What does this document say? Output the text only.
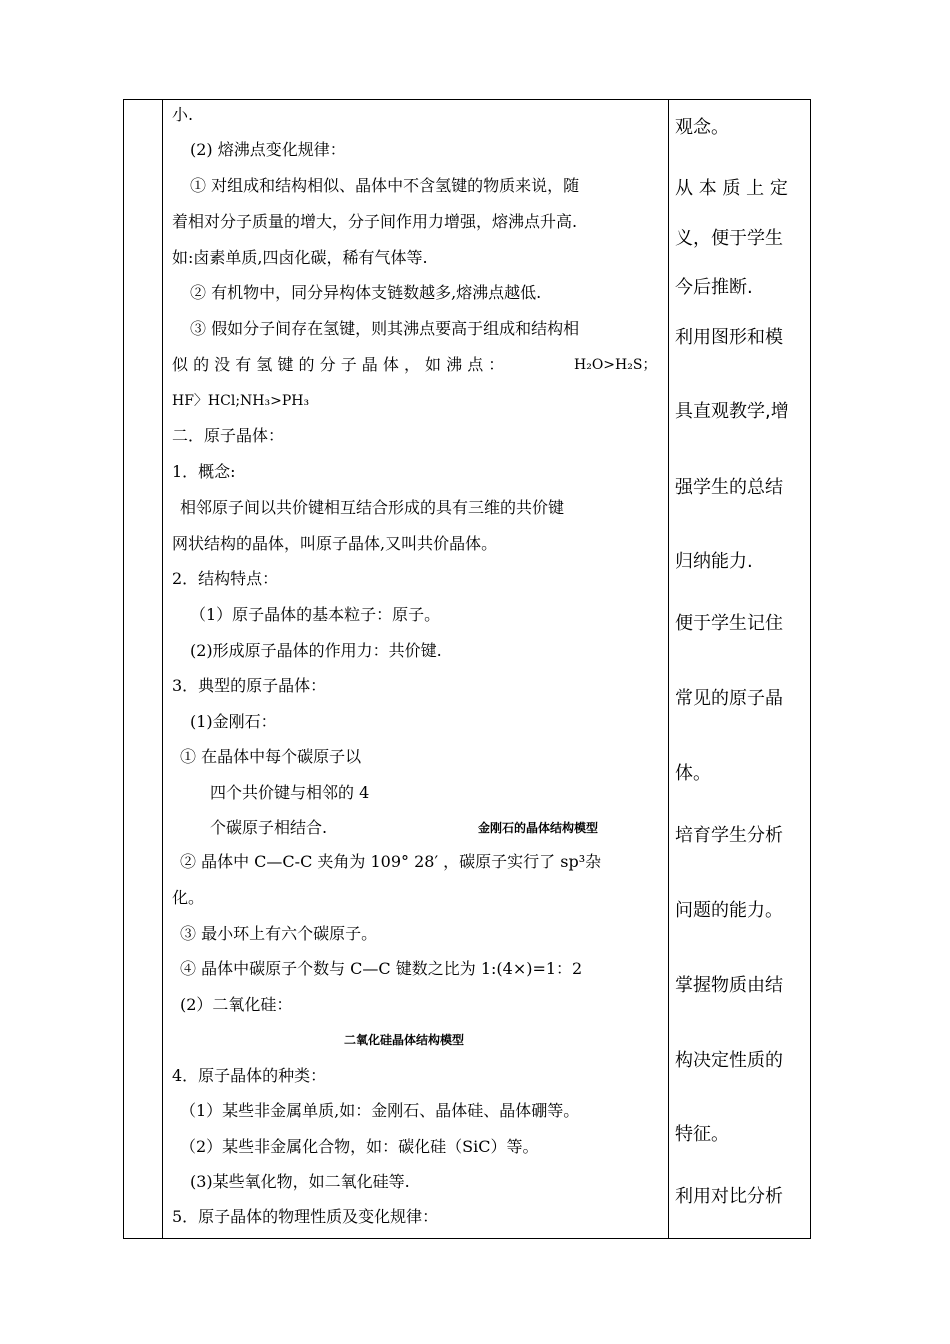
小.
(2) 熔沸点变化规律：
① 对组成和结构相似、晶体中不含氢键的物质来说，随
着相对分子质量的增大，分子间作用力增强，熔沸点升高.
如:卤素单质,四卤化碳，稀有气体等.
② 有机物中，同分异构体支链数越多,熔沸点越低.
③ 假如分子间存在氢键，则其沸点要高于组成和结构相
似 的 没 有 氢 键 的 分 子 晶 体 ， 如 沸 点 ：	H₂O>H₂S；
HF〉HCl;NH₃>PH₃
二．原子晶体：
1．概念:
相邻原子间以共价键相互结合形成的具有三维的共价键
网状结构的晶体，叫原子晶体,又叫共价晶体。
2．结构特点：
（1）原子晶体的基本粒子：原子。
(2)形成原子晶体的作用力：共价键.
3．典型的原子晶体：
(1)金刚石：
① 在晶体中每个碳原子以
四个共价键与相邻的 4
个碳原子相结合.	金刚石的晶体结构模型
② 晶体中 C—C-C 夹角为 109° 28′ ，碳原子实行了 sp³杂
化。
③ 最小环上有六个碳原子。
④ 晶体中碳原子个数与 C—C 键数之比为 1:(4×)=1：2
(2）二氧化硅：
二氧化硅晶体结构模型
4．原子晶体的种类：
（1）某些非金属单质,如：金刚石、晶体硅、晶体硼等。
（2）某些非金属化合物，如：碳化硅（SiC）等。
(3)某些氧化物，如二氧化硅等.
5．原子晶体的物理性质及变化规律：
观念。
从 本 质 上 定
义，便于学生
今后推断.
利用图形和模
具直观教学,增
强学生的总结
归纳能力.
便于学生记住
常见的原子晶
体。
培育学生分析
问题的能力。
掌握物质由结
构决定性质的
特征。
利用对比分析
